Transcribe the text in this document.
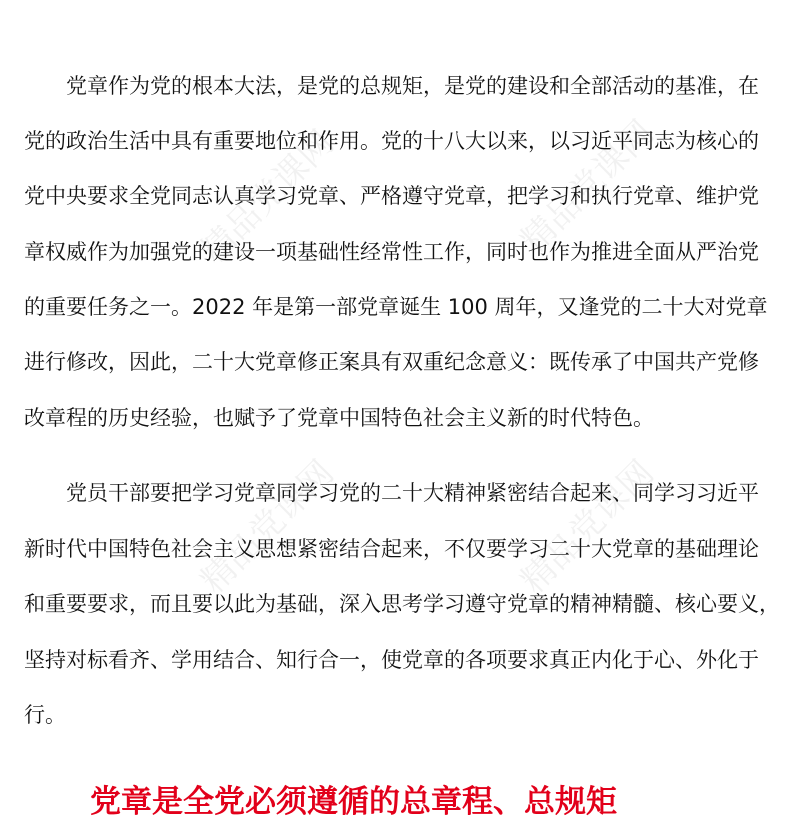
精品党课网	精品党课网
精品党课网	精品党课网
党章作为党的根本大法，是党的总规矩，是党的建设和全部活动的基准，在
党的政治生活中具有重要地位和作用。党的十八大以来，以习近平同志为核心的
党中央要求全党同志认真学习党章、严格遵守党章，把学习和执行党章、维护党
章权威作为加强党的建设一项基础性经常性工作，同时也作为推进全面从严治党
的重要任务之一。2022 年是第一部党章诞生 100 周年，又逢党的二十大对党章
进行修改，因此，二十大党章修正案具有双重纪念意义：既传承了中国共产党修
改章程的历史经验，也赋予了党章中国特色社会主义新的时代特色。
党员干部要把学习党章同学习党的二十大精神紧密结合起来、同学习习近平
新时代中国特色社会主义思想紧密结合起来，不仅要学习二十大党章的基础理论
和重要要求，而且要以此为基础，深入思考学习遵守党章的精神精髓、核心要义，
坚持对标看齐、学用结合、知行合一，使党章的各项要求真正内化于心、外化于
行。
党章是全党必须遵循的总章程、总规矩
